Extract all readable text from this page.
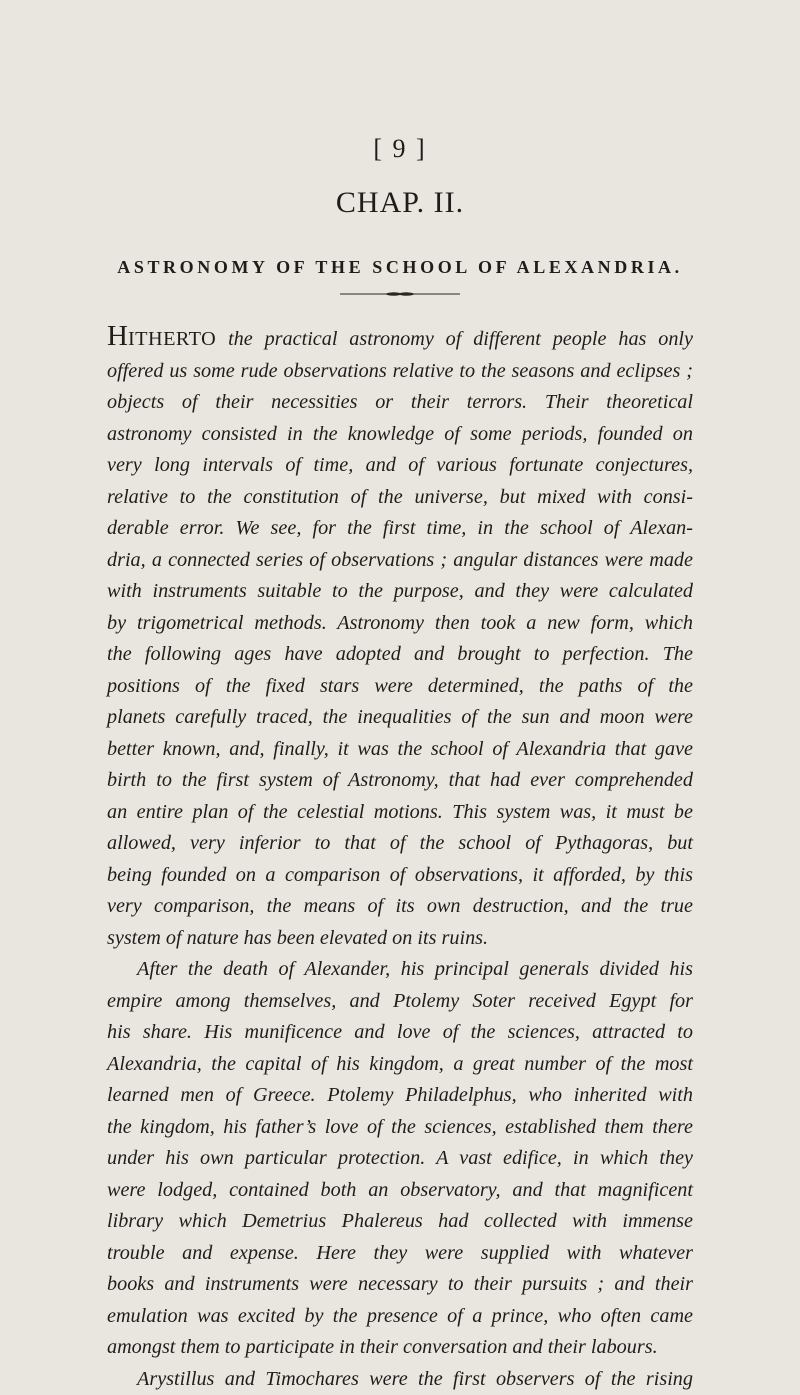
[ 9 ]
CHAP. II.
ASTRONOMY OF THE SCHOOL OF ALEXANDRIA.
HITHERTO the practical astronomy of different people has only
offered us some rude observations relative to the seasons and eclipses ;
objects of their necessities or their terrors. Their theoretical
astronomy consisted in the knowledge of some periods, founded on
very long intervals of time, and of various fortunate conjectures,
relative to the constitution of the universe, but mixed with consi-
derable error. We see, for the first time, in the school of Alexan-
dria, a connected series of observations ; angular distances were made
with instruments suitable to the purpose, and they were calculated
by trigometrical methods. Astronomy then took a new form, which
the following ages have adopted and brought to perfection. The
positions of the fixed stars were determined, the paths of the
planets carefully traced, the inequalities of the sun and moon were
better known, and, finally, it was the school of Alexandria that gave
birth to the first system of Astronomy, that had ever comprehended
an entire plan of the celestial motions. This system was, it must be
allowed, very inferior to that of the school of Pythagoras, but
being founded on a comparison of observations, it afforded, by this
very comparison, the means of its own destruction, and the true
system of nature has been elevated on its ruins.
After the death of Alexander, his principal generals divided his
empire among themselves, and Ptolemy Soter received Egypt for
his share. His munificence and love of the sciences, attracted to
Alexandria, the capital of his kingdom, a great number of the most
learned men of Greece. Ptolemy Philadelphus, who inherited with
the kingdom, his father’s love of the sciences, established them there
under his own particular protection. A vast edifice, in which they
were lodged, contained both an observatory, and that magnificent
library which Demetrius Phalereus had collected with immense
trouble and expense. Here they were supplied with whatever
books and instruments were necessary to their pursuits ; and their
emulation was excited by the presence of a prince, who often came
amongst them to participate in their conversation and their labours.
Arystillus and Timochares were the first observers of the rising
